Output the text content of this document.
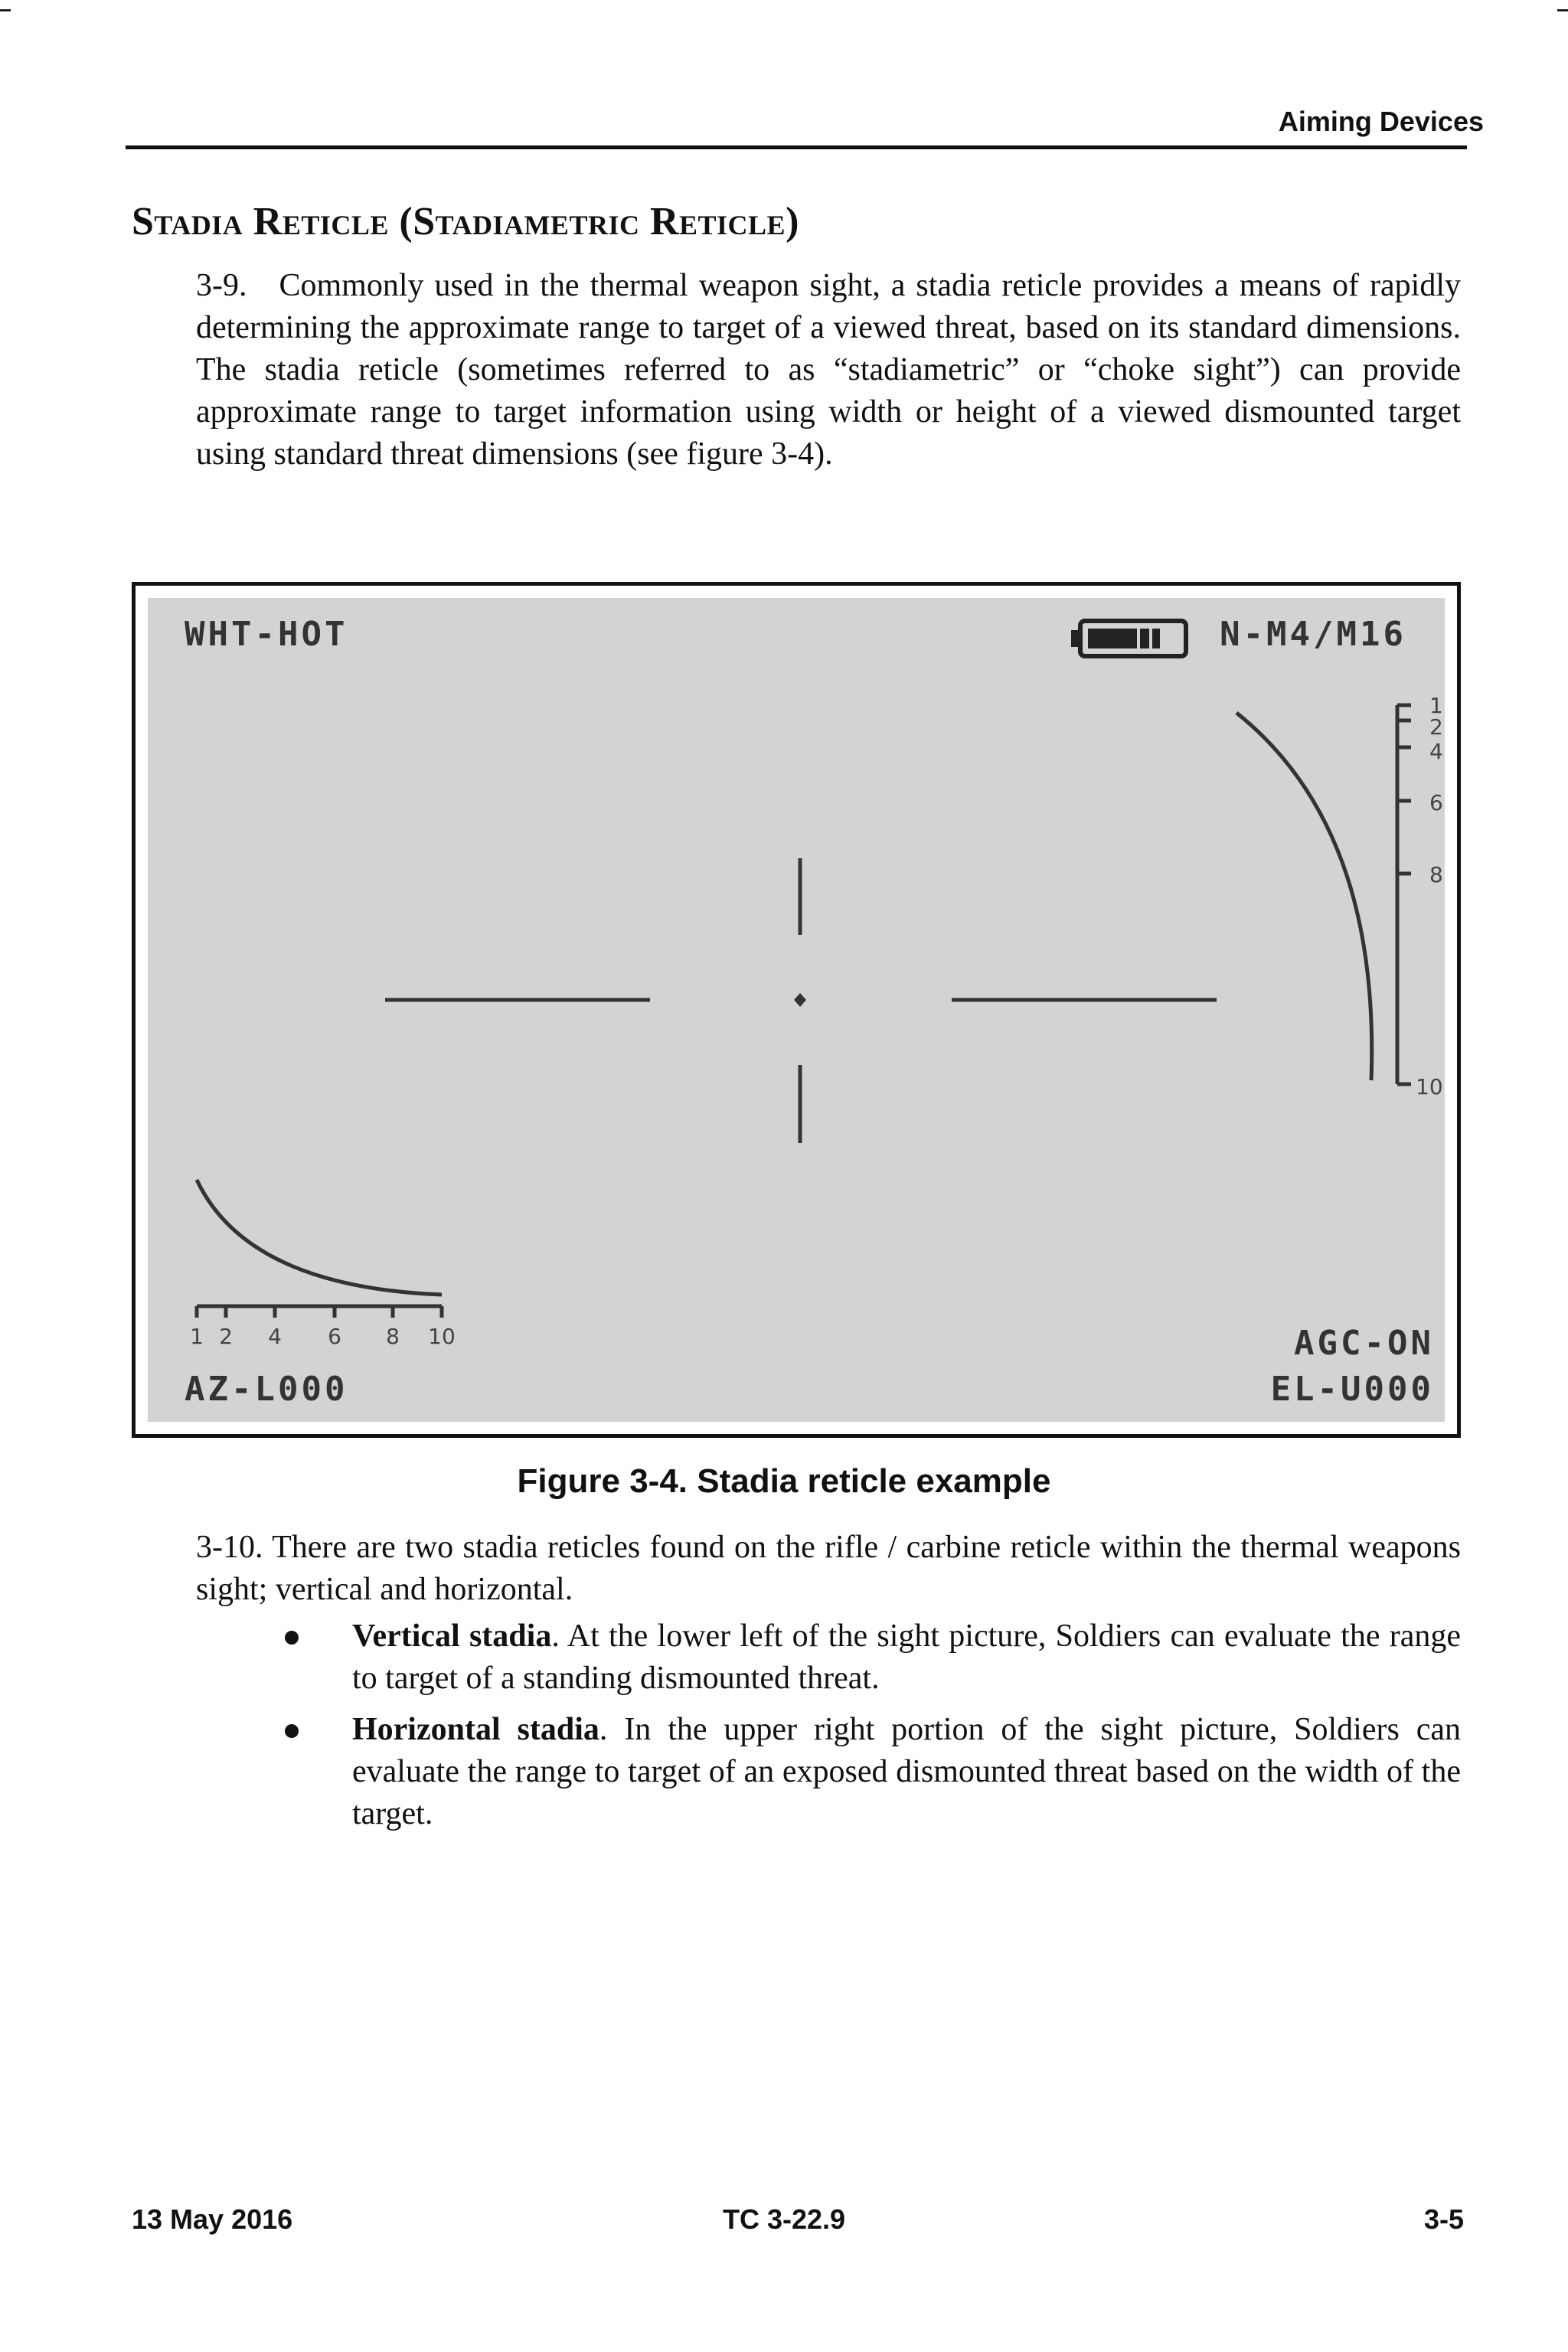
Aiming Devices
Stadia Reticle (Stadiametric Reticle)

3-9. Commonly used in the thermal weapon sight, a stadia reticle provides a means of rapidly determining the approximate range to target of a viewed threat, based on its standard dimensions. The stadia reticle (sometimes referred to as “stadiametric” or “choke sight”) can provide approximate range to target information using width or height of a viewed dismounted target using standard threat dimensions (see figure 3-4).

WHT-HOT	N-M4/M16
1
2
4
6
8
10
1 2 4 6 8 10	AGC-ON
EL-U000
AZ-L000
Figure 3-4. Stadia reticle example

3-10. There are two stadia reticles found on the rifle / carbine reticle within the thermal weapons sight; vertical and horizontal.

Vertical stadia. At the lower left of the sight picture, Soldiers can evaluate the range to target of a standing dismounted threat.
Horizontal stadia. In the upper right portion of the sight picture, Soldiers can evaluate the range to target of an exposed dismounted threat based on the width of the target.
13 May 2016	TC 3-22.9	3-5
